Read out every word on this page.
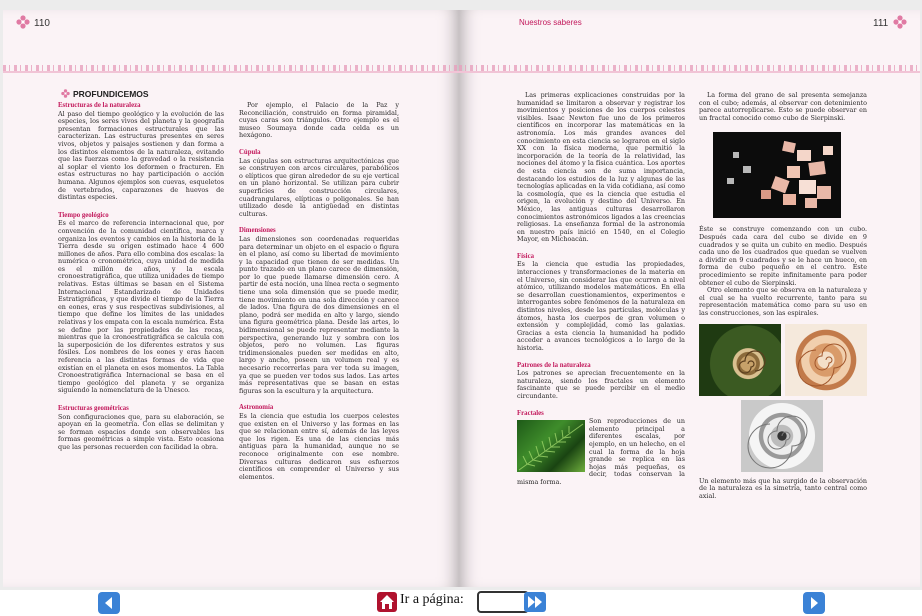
110
PROFUNDICEMOS
Estructuras de la naturaleza

Al paso del tiempo geológico y la evolución de las especies, los seres vivos del planeta y la geografía presentan formaciones estructurales que las caracterizan. Las estructuras presentes en seres vivos, objetos y paisajes sostienen y dan forma a los distintos elementos de la naturaleza, evitando que las fuerzas como la gravedad o la resistencia al soplar el viento los deformen o fracturen. En estas estructuras no hay participación o acción humana. Algunos ejemplos son cuevas, esqueletos de vertebrados, caparazones de huevos de distintas especies.

Tiempo geológico

Es el marco de referencia internacional que, por convención de la comunidad científica, marca y organiza los eventos y cambios en la historia de la Tierra desde su origen estimado hace 4 600 millones de años. Para ello combina dos escalas: la numérica o cronométrica, cuya unidad de medida es el millón de años, y la escala cronoestratigráfica, que utiliza unidades de tiempo relativas. Estas últimas se basan en el Sistema Internacional Estandarizado de Unidades Estratigráficas, y que divide el tiempo de la Tierra en eones, eras y sus respectivas subdivisiones, al tiempo que define los límites de las unidades relativas y los empata con la escala numérica. Ésta se define por las propiedades de las rocas, mientras que la cronoestratigráfica se calcula con la superposición de los diferentes estratos y sus fósiles. Los nombres de los eones y eras hacen referencia a las distintas formas de vida que existían en el planeta en esos momentos. La Tabla Cronoestratigráfica Internacional se basa en el tiempo geológico del planeta y se organiza siguiendo la nomenclatura de la Unesco.

Estructuras geométricas

Son configuraciones que, para su elaboración, se apoyan en la geometría. Con ellas se delimitan y se forman espacios donde son observables las formas geométricas a simple vista. Esto ocasiona que las personas recuerden con facilidad la obra.

Por ejemplo, el Palacio de la Paz y Reconciliación, construido en forma piramidal, cuyas caras son triángulos. Otro ejemplo es el museo Soumaya donde cada celda es un hexágono.

Cúpula

Las cúpulas son estructuras arquitectónicas que se construyen con arcos circulares, parabólicos o elípticos que giran alrededor de su eje vertical en un plano horizontal. Se utilizan para cubrir superficies de construcción circulares, cuadrangulares, elípticas o poligonales. Se han utilizado desde la antigüedad en distintas culturas.

Dimensiones

Las dimensiones son coordenadas requeridas para determinar un objeto en el espacio o figura en el plano, así como su libertad de movimiento y la capacidad que tienen de ser medidas. Un punto trazado en un plano carece de dimensión, por lo que puede llamarse dimensión cero. A partir de esta noción, una línea recta o segmento tiene una sola dimensión que se puede medir, tiene movimiento en una sola dirección y carece de lados. Una figura de dos dimensiones en el plano, podrá ser medida en alto y largo, siendo una figura geométrica plana. Desde las artes, lo bidimensional se puede representar mediante la perspectiva, generando luz y sombra con los objetos, pero no volumen. Las figuras tridimensionales pueden ser medidas en alto, largo y ancho, poseen un volumen real y es necesario recorrerlas para ver toda su imagen, ya que se pueden ver todos sus lados. Las artes más representativas que se basan en estas figuras son la escultura y la arquitectura.

Astronomía

Es la ciencia que estudia los cuerpos celestes que existen en el Universo y las formas en las que se relacionan entre sí, además de las leyes que los rigen. Es una de las ciencias más antiguas para la humanidad, aunque no se reconoce originalmente con ese nombre. Diversas culturas dedicaron sus esfuerzos científicos en comprender el Universo y sus elementos.

Nuestros saberes	111

Las primeras explicaciones construidas por la humanidad se limitaron a observar y registrar los movimientos y posiciones de los cuerpos celestes visibles. Isaac Newton fue uno de los primeros científicos en incorporar las matemáticas en la astronomía. Los más grandes avances del conocimiento en esta ciencia se lograron en el siglo XX con la física moderna, que permitió la incorporación de la teoría de la relatividad, las nociones del átomo y la física cuántica. Los aportes de esta ciencia son de suma importancia, destacando los estudios de la luz y algunas de las tecnologías aplicadas en la vida cotidiana, así como la cosmología, que es la ciencia que estudia el origen, la evolución y destino del Universo. En México, las antiguas culturas desarrollaron conocimientos astronómicos ligados a las creencias religiosas. La enseñanza formal de la astronomía en nuestro país inició en 1540, en el Colegio Mayor, en Michoacán.

Física

Es la ciencia que estudia las propiedades, interacciones y transformaciones de la materia en el Universo, sin considerar las que ocurren a nivel atómico, utilizando modelos matemáticos. En ella se desarrollan cuestionamientos, experimentos e interrogantes sobre fenómenos de la naturaleza en distintos niveles, desde las partículas, moléculas y átomos, hasta los cuerpos de gran volumen o extensión y complejidad, como las galaxias. Gracias a esta ciencia la humanidad ha podido acceder a avances tecnológicos a lo largo de la historia.

Patrones de la naturaleza

Los patrones se aprecian frecuentemente en la naturaleza, siendo los fractales un elemento fascinante que se puede percibir en el medio circundante.

Fractales

Son reproducciones de un elemento principal a diferentes escalas, por ejemplo, en un helecho, en el cual la forma de la hoja grande se replica en las hojas más pequeñas, es decir, todas conservan la misma forma.

La forma del grano de sal presenta semejanza con el cubo; además, al observar con detenimiento parece autorreplicarse. Esto se puede observar en un fractal conocido como cubo de Sierpinski.

Éste se construye comenzando con un cubo. Después cada cara del cubo se divide en 9 cuadrados y se quita un cubito en medio. Después cada uno de los cuadrados que quedan se vuelven a dividir en 9 cuadrados y se le hace un hueco, en forma de cubo pequeño en el centro. Este procedimiento se repite infinitamente para poder obtener el cubo de Sierpinski.

Otro elemento que se observa en la naturaleza y el cual se ha vuelto recurrente, tanto para su representación matemática como para su uso en las construcciones, son las espirales.

Un elemento más que ha surgido de la observación de la naturaleza es la simetría, tanto central como axial.

Ir a página:
